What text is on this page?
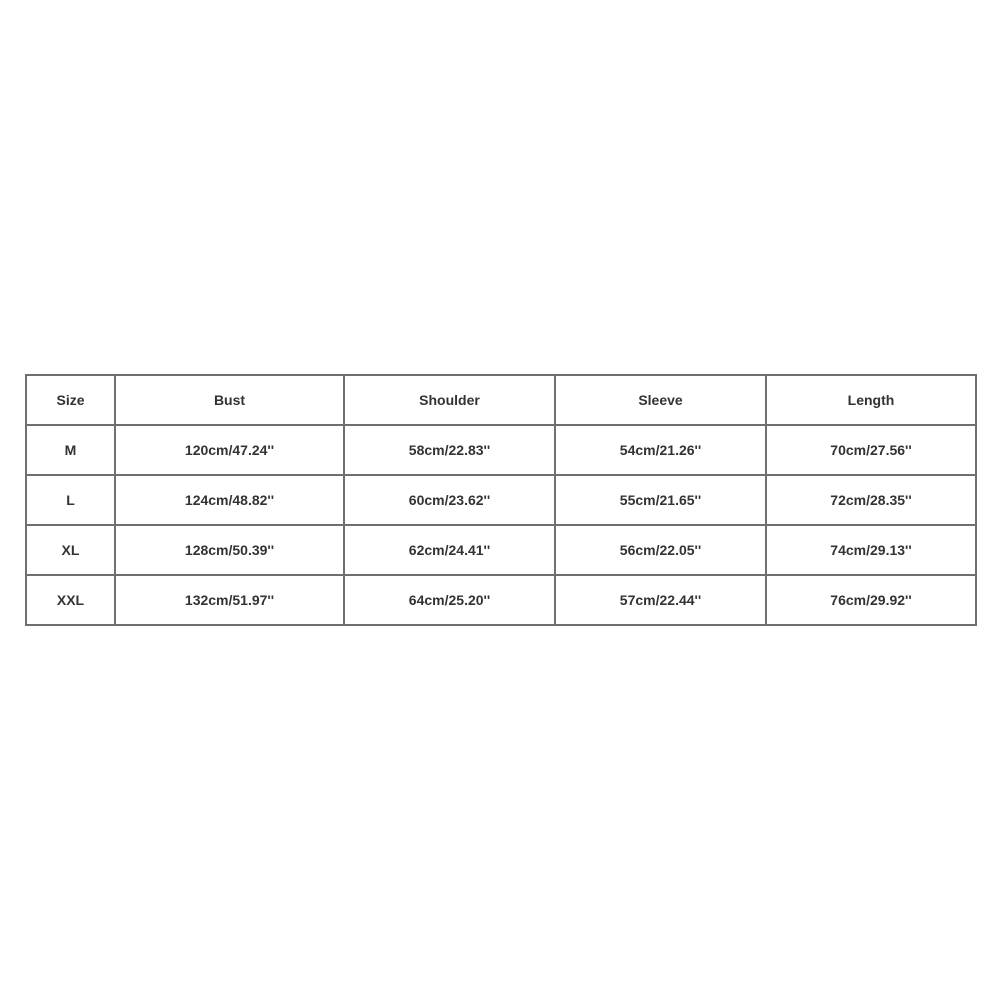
Size	Bust	Shoulder	Sleeve	Length
M	120cm/47.24''	58cm/22.83''	54cm/21.26''	70cm/27.56''
L	124cm/48.82''	60cm/23.62''	55cm/21.65''	72cm/28.35''
XL	128cm/50.39''	62cm/24.41''	56cm/22.05''	74cm/29.13''
XXL	132cm/51.97''	64cm/25.20''	57cm/22.44''	76cm/29.92''
